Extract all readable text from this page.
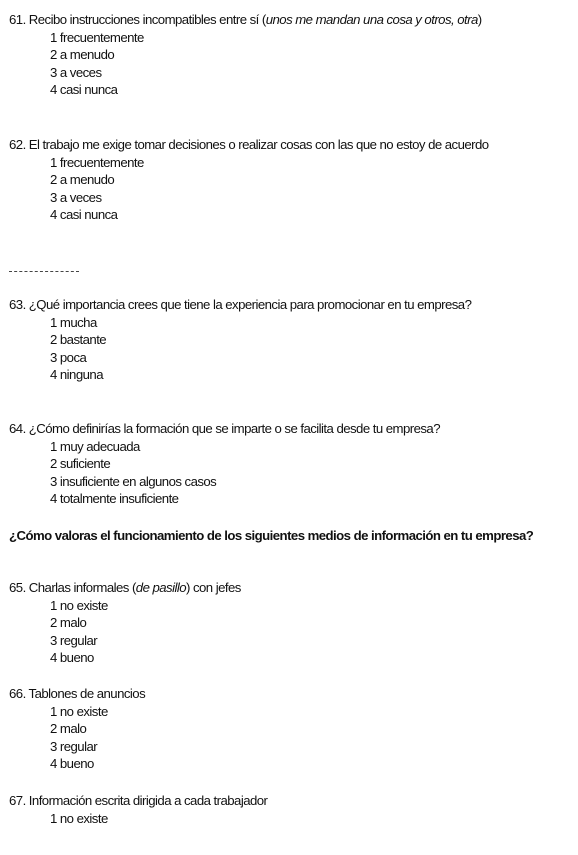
61. Recibo instrucciones incompatibles entre sí (unos me mandan una cosa y otros, otra)

1 frecuentemente

2 a menudo

3 a veces

4 casi nunca

62. El trabajo me exige tomar decisiones o realizar cosas con las que no estoy de acuerdo

1 frecuentemente

2 a menudo

3 a veces

4 casi nunca

63. ¿Qué importancia crees que tiene la experiencia para promocionar en tu empresa?

1 mucha

2 bastante

3 poca

4 ninguna

64. ¿Cómo definirías la formación que se imparte o se facilita desde tu empresa?

1 muy adecuada

2 suficiente

3 insuficiente en algunos casos

4 totalmente insuficiente

¿Cómo valoras el funcionamiento de los siguientes medios de información en tu empresa?

65. Charlas informales (de pasillo) con jefes

1 no existe

2 malo

3 regular

4 bueno

66. Tablones de anuncios

1 no existe

2 malo

3 regular

4 bueno

67. Información escrita dirigida a cada trabajador

1 no existe
